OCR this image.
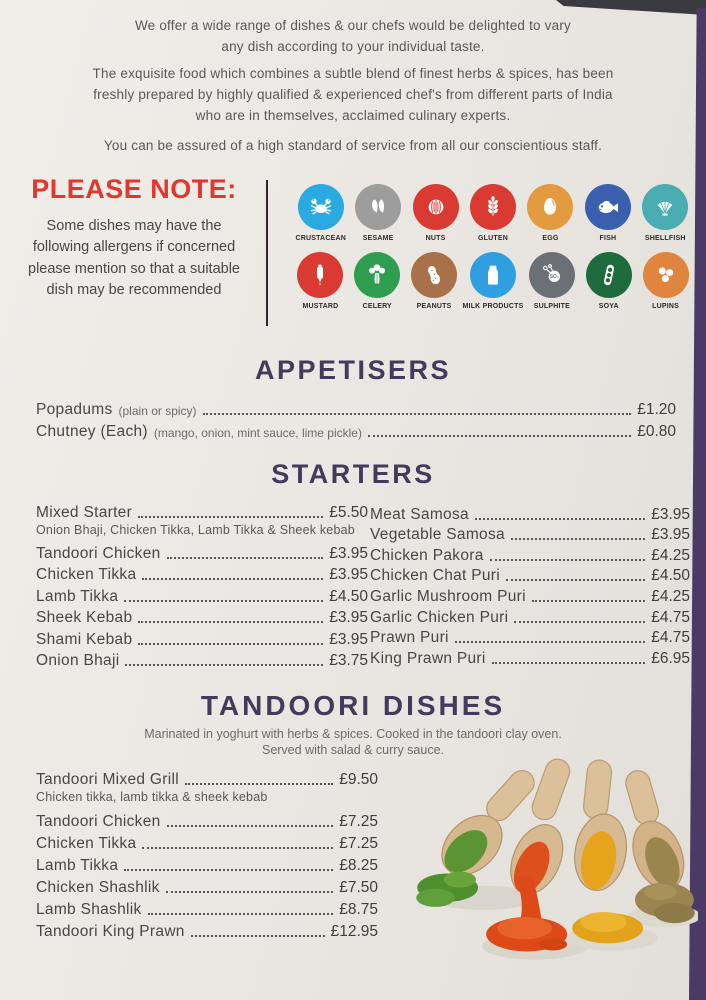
We offer a wide range of dishes & our chefs would be delighted to vary any dish according to your individual taste.
The exquisite food which combines a subtle blend of finest herbs & spices, has been freshly prepared by highly qualified & experienced chef's from different parts of India who are in themselves, acclaimed culinary experts.
You can be assured of a high standard of service from all our conscientious staff.
PLEASE NOTE:
Some dishes may have the following allergens if concerned please mention so that a suitable dish may be recommended
CRUSTACEAN SESAME	NUTS	GLUTEN	EGG	FISH	SHELLFISH
MUSTARD	CELERY	PEANUTS MILK PRODUCTS
SO₂
SULPHITE	SOYA	LUPINS
APPETISERS
Popadums (plain or spicy)	£1.20
Chutney (Each) (mango, onion, mint sauce, lime pickle)	£0.80
STARTERS
Mixed Starter	£5.50
Onion Bhaji, Chicken Tikka, Lamb Tikka & Sheek kebab
Tandoori Chicken	£3.95
Chicken Tikka	£3.95
Lamb Tikka	£4.50
Sheek Kebab	£3.95
Shami Kebab	£3.95
Onion Bhaji	£3.75
Meat Samosa	£3.95
Vegetable Samosa	£3.95
Chicken Pakora	£4.25
Chicken Chat Puri	£4.50
Garlic Mushroom Puri	£4.25
Garlic Chicken Puri	£4.75
Prawn Puri	£4.75
King Prawn Puri	£6.95
TANDOORI DISHES
Marinated in yoghurt with herbs & spices. Cooked in the tandoori clay oven.
Served with salad & curry sauce.
Tandoori Mixed Grill	£9.50
Chicken tikka, lamb tikka & sheek kebab
Tandoori Chicken	£7.25
Chicken Tikka	£7.25
Lamb Tikka	£8.25
Chicken Shashlik	£7.50
Lamb Shashlik	£8.75
Tandoori King Prawn	£12.95
